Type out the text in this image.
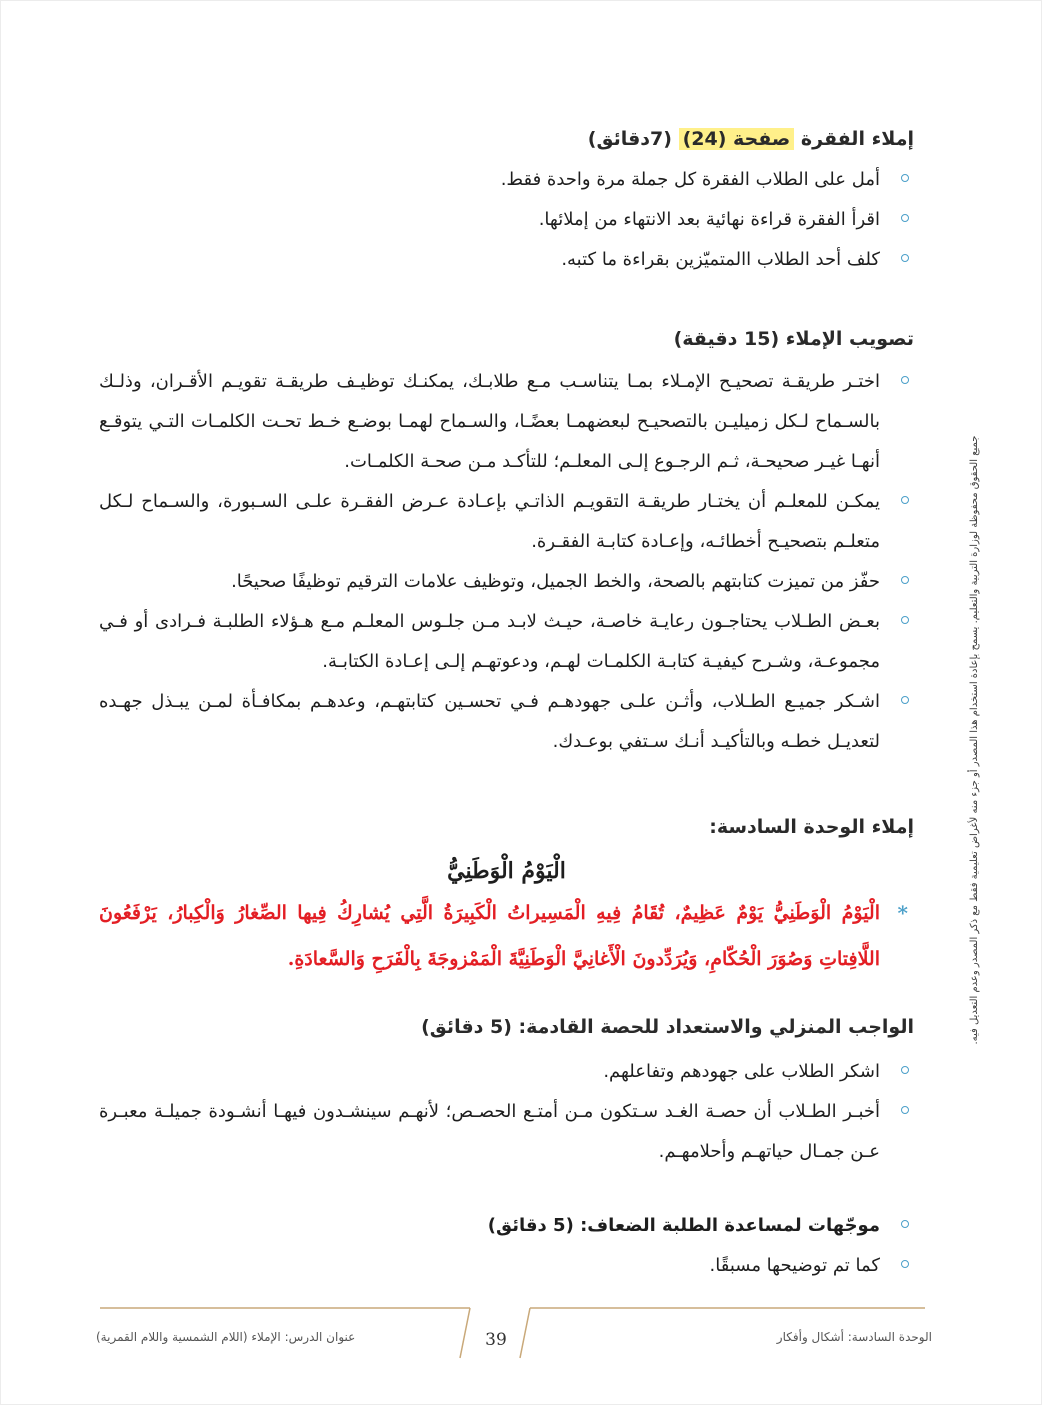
إملاء الفقرة صفحة (24) (7دقائق)
أمل على الطلاب الفقرة كل جملة مرة واحدة فقط.
اقرأ الفقرة قراءة نهائية بعد الانتهاء من إملائها.
كلف أحد الطلاب االمتميّزين بقراءة ما كتبه.
تصويب الإملاء (15 دقيقة)
اختـر طريقـة تصحيـح الإمـلاء بمـا يتناسـب مـع طلابـك، يمكنـك توظيـف طريقـة تقويـم الأقـران، وذلـك بالسـماح لـكل زميليـن بالتصحيـح لبعضهمـا بعضًـا، والسـماح لهمـا بوضـع خـط تحـت الكلمـات التـي يتوقـع أنهـا غيـر صحيحـة، ثـم الرجـوع إلـى المعلـم؛ للتأكـد مـن صحـة الكلمـات.
يمكـن للمعلـم أن يختـار طريقـة التقويـم الذاتـي بإعـادة عـرض الفقـرة علـى السـبورة، والسـماح لـكل متعلـم بتصحيـح أخطائـه، وإعـادة كتابـة الفقـرة.
حفّز من تميزت كتابتهم بالصحة، والخط الجميل، وتوظيف علامات الترقيم توظيفًا صحيحًا.
بعـض الطـلاب يحتاجـون رعايـة خاصـة، حيـث لابـد مـن جلـوس المعلـم مـع هـؤلاء الطلبـة فـرادى أو فـي مجموعـة، وشـرح كيفيـة كتابـة الكلمـات لهـم، ودعوتهـم إلـى إعـادة الكتابـة.
اشـكر جميـع الطـلاب، وأثـن علـى جهودهـم فـي تحسـين كتابتهـم، وعدهـم بمكافـأة لمـن يبـذل جهـده لتعديـل خطـه وبالتأكيـد أنـك سـتفي بوعـدك.
إملاء الوحدة السادسة:

الْيَوْمُ الْوَطَنِيُّ

*
الْيَوْمُ الْوَطَنِيُّ يَوْمٌ عَظِيمٌ، تُقَامُ فِيهِ الْمَسِيراتُ الْكَبِيرَةُ الَّتِي يُشارِكُ فِيها الصِّغارُ وَالْكِبارُ، يَرْفَعُونَ اللَّافِتاتِ وَصُوَرَ الْحُكّامِ، وَيُرَدِّدونَ الْأَغانِيَّ الْوَطَنِيَّةَ الْمَمْزوجَةَ بِالْفَرَحِ وَالسَّعادَةِ.
الواجب المنزلي والاستعداد للحصة القادمة: (5 دقائق)
اشكر الطلاب على جهودهم وتفاعلهم.
أخبـر الطـلاب أن حصـة الغـد سـتكون مـن أمتـع الحصـص؛ لأنهـم سينشـدون فيهـا أنشـودة جميلـة معبـرة عـن جمـال حياتهـم وأحلامهـم.
موجّهات لمساعدة الطلبة الضعاف: (5 دقائق)
كما تم توضيحها مسبقًا.
جميع الحقوق محفوظة لوزارة التربية والتعليم. يسمح بإعادة استخدام هذا المصدر أو جزء منه لأغراض تعليمية فقط مع ذكر المصدر وعدم التعديل فيه.
الوحدة السادسة: أشكال وأفكار
39
عنوان الدرس: الإملاء (اللام الشمسية واللام القمرية)
